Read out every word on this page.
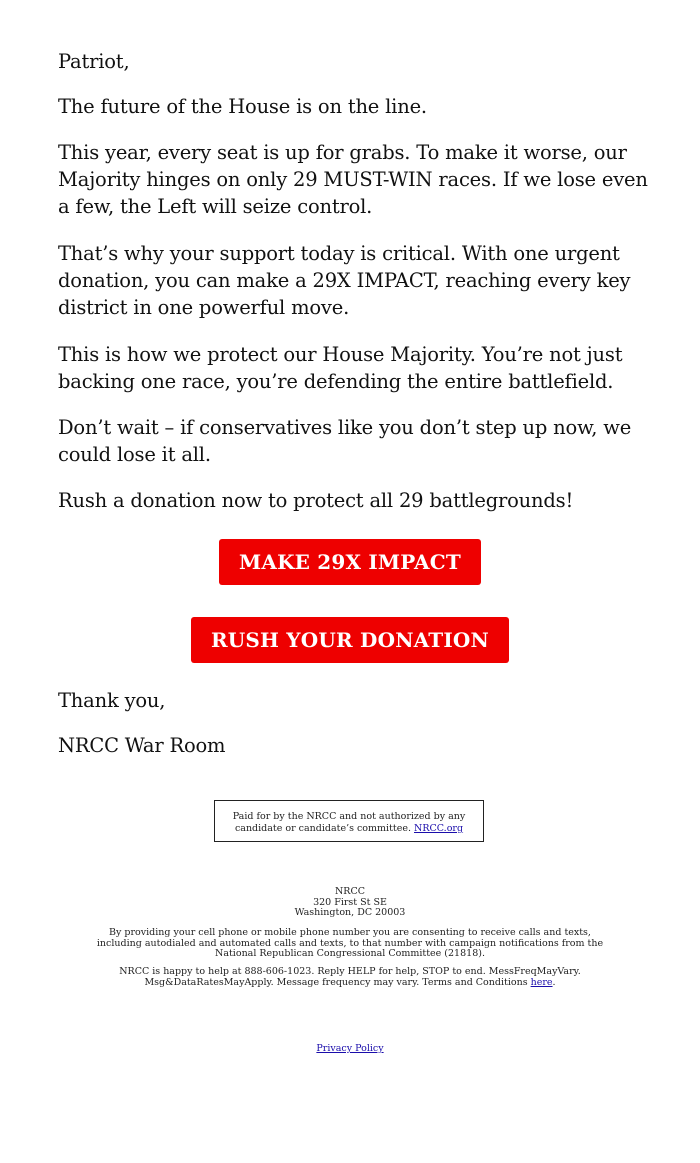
Patriot,

The future of the House is on the line.

This year, every seat is up for grabs. To make it worse, our Majority hinges on only 29 MUST-WIN races. If we lose even a few, the Left will seize control.

That’s why your support today is critical. With one urgent donation, you can make a 29X IMPACT, reaching every key district in one powerful move.

This is how we protect our House Majority. You’re not just backing one race, you’re defending the entire battlefield.

Don’t wait – if conservatives like you don’t step up now, we could lose it all.

Rush a donation now to protect all 29 battlegrounds!

MAKE 29X IMPACT
RUSH YOUR DONATION

Thank you,

NRCC War Room

Paid for by the NRCC and not authorized by any candidate or candidate’s committee. NRCC.org
NRCC
320 First St SE
Washington, DC 20003
By providing your cell phone or mobile phone number you are consenting to receive calls and texts, including autodialed and automated calls and texts, to that number with campaign notifications from the National Republican Congressional Committee (21818).
NRCC is happy to help at 888-606-1023. Reply HELP for help, STOP to end. MessFreqMayVary. Msg&DataRatesMayApply. Message frequency may vary. Terms and Conditions here.
Privacy Policy
